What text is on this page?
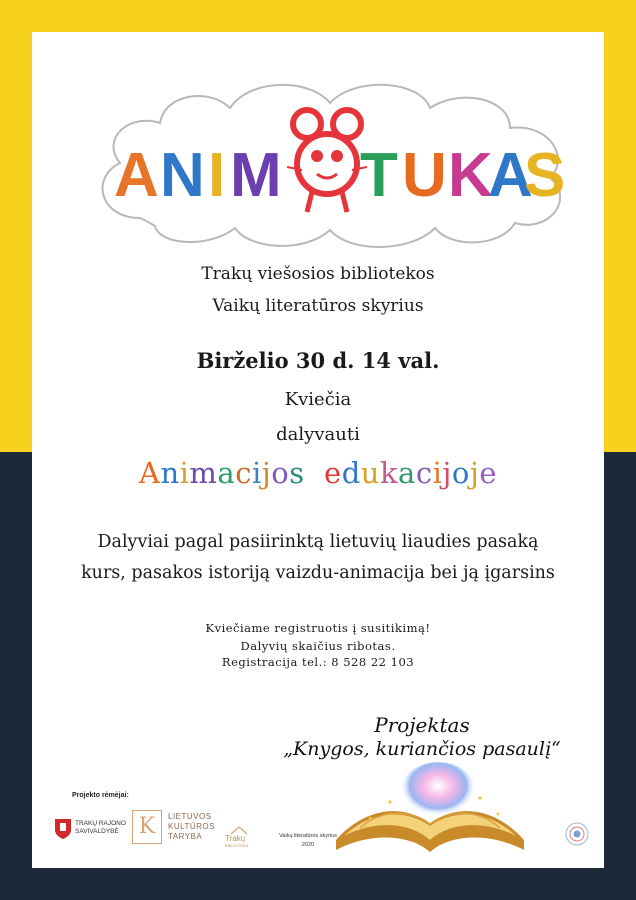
A N I M T U K
A
S
Trakų viešosios bibliotekos
Vaikų literatūros skyrius
Birželio 30 d. 14 val.
Kviečia
dalyvauti
Animacijos edukacijoje
Dalyviai pagal pasiirinktą lietuvių liaudies pasaką
kurs, pasakos istoriją vaizdu-animacija bei ją įgarsins
Kviečiame registruotis į susitikimą!
Dalyvių skaičius ribotas.
Registracija tel.: 8 528 22 103
Projektas
„Knygos, kuriančios pasaulį“
Projekto rėmėjai:
TRAKŲ RAJONO
SAVIVALDYBĖ K	LIETUVOS
KULTŪROS
TARYBA	Trakų
BIBLIOTEKA
Vaikų literatūros skyrius
2020
